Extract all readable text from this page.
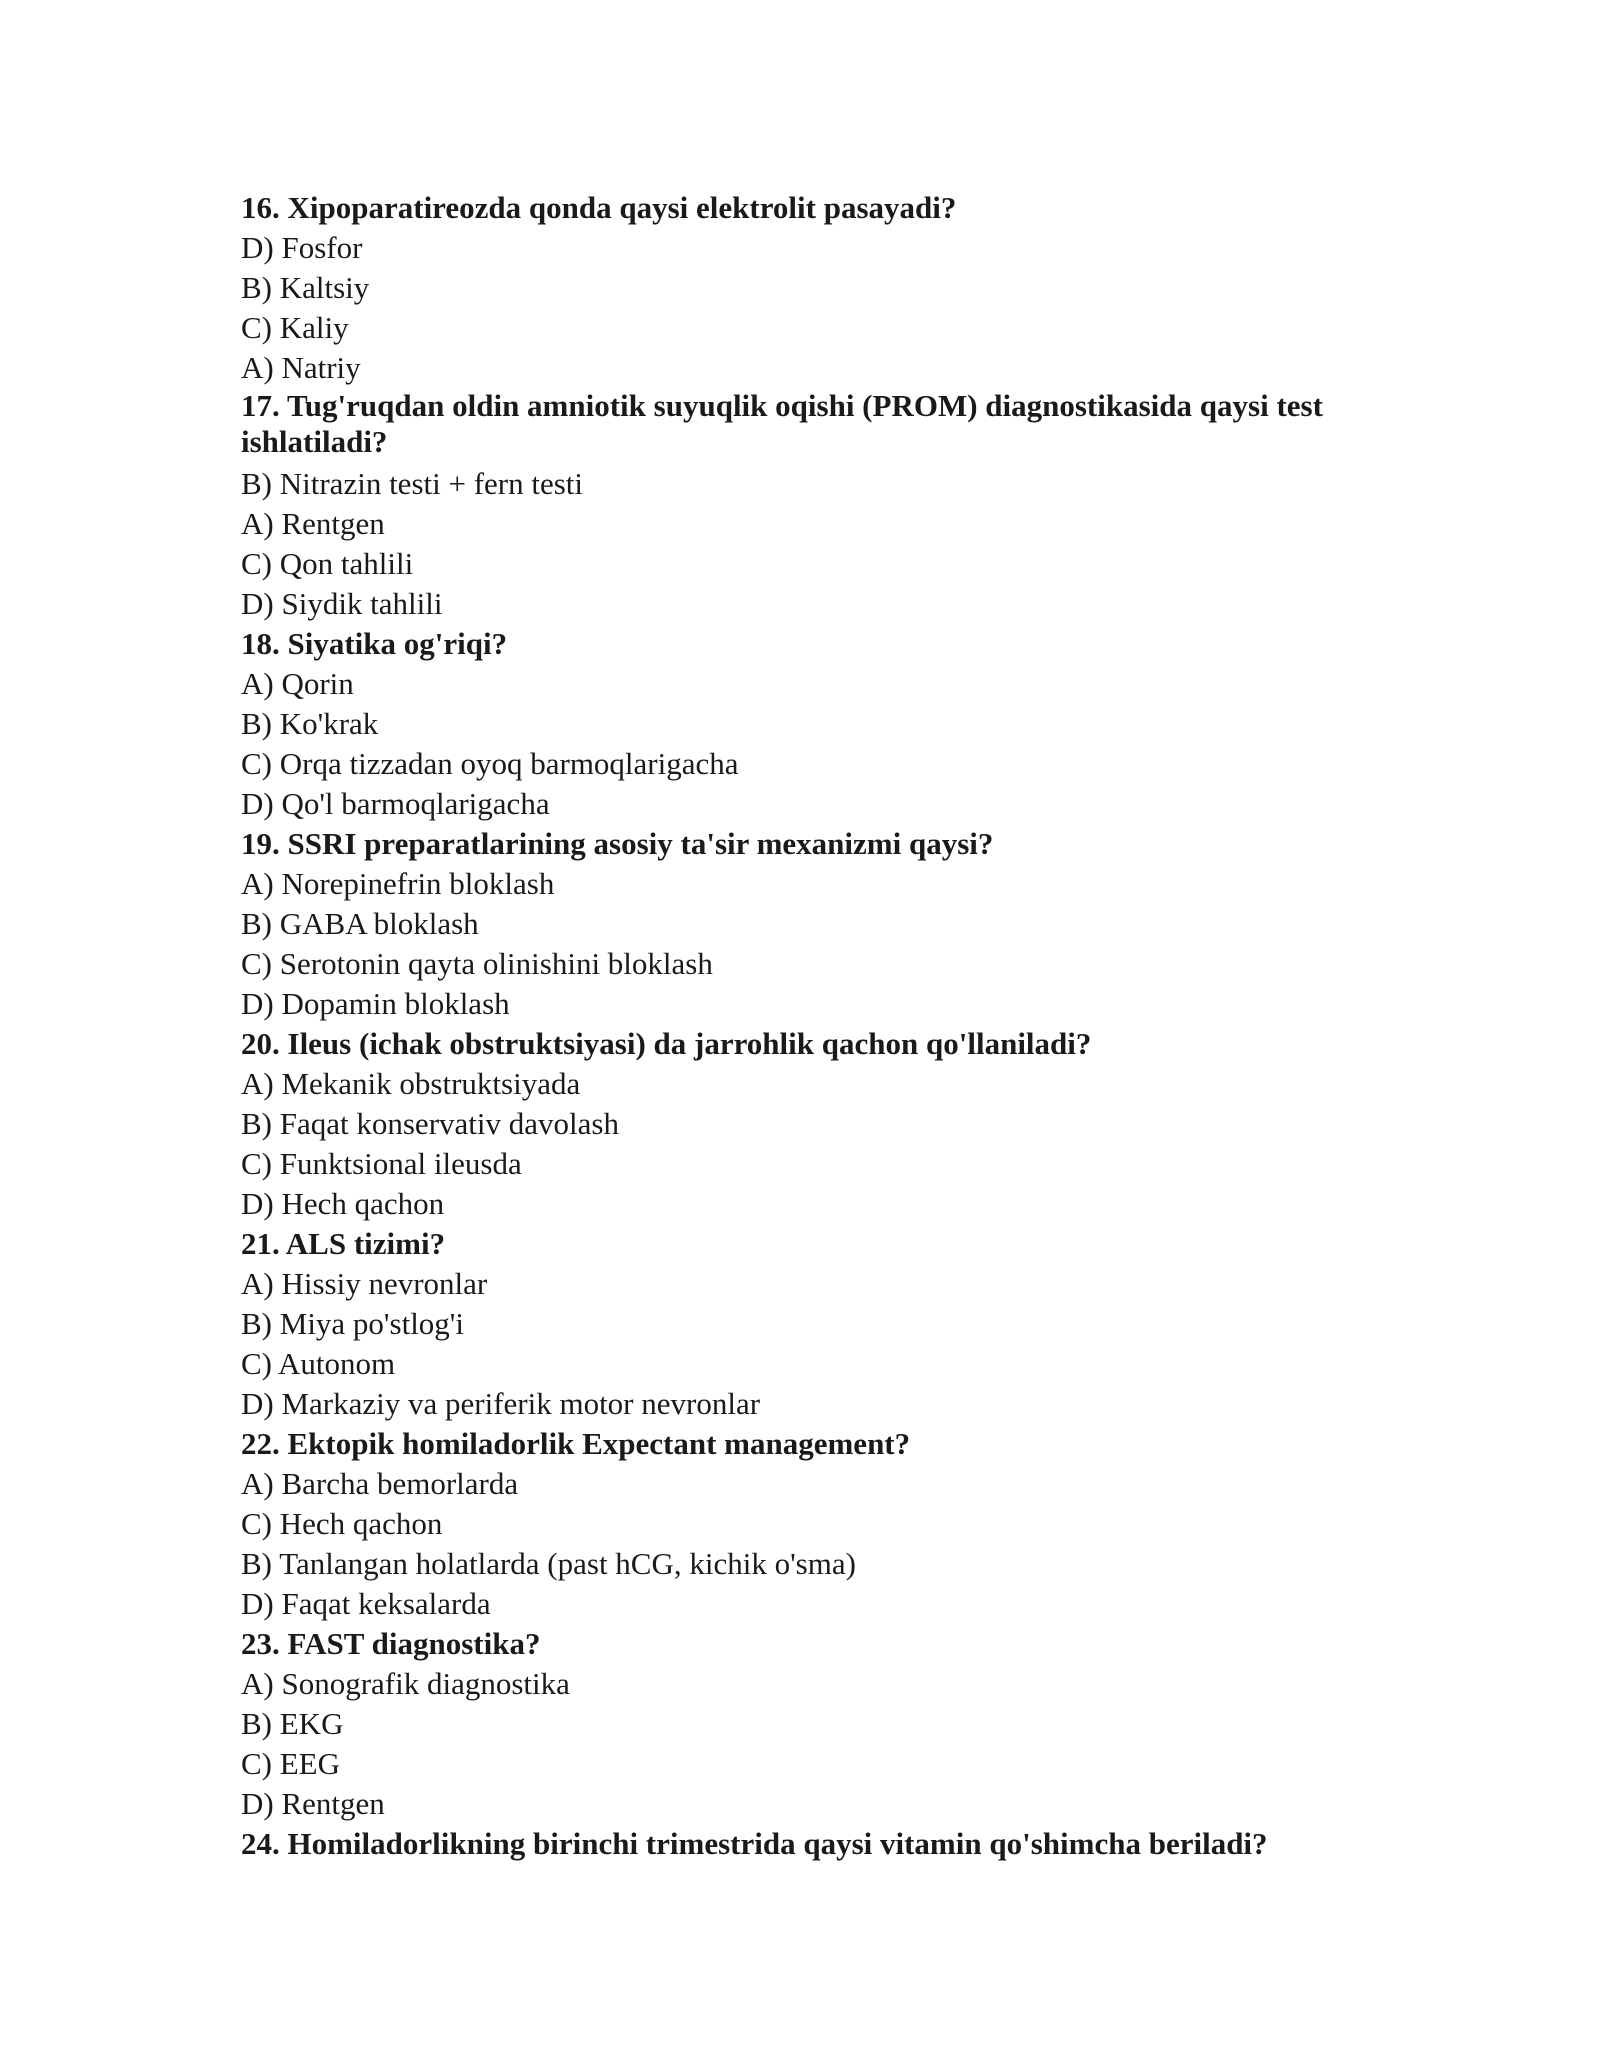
16. Xipoparatireozda qonda qaysi elektrolit pasayadi?
D) Fosfor
B) Kaltsiy
C) Kaliy
A) Natriy
17. Tug'ruqdan oldin amniotik suyuqlik oqishi (PROM) diagnostikasida qaysi test ishlatiladi?
B) Nitrazin testi + fern testi
A) Rentgen
C) Qon tahlili
D) Siydik tahlili
18. Siyatika og'riqi?
A) Qorin
B) Ko'krak
C) Orqa tizzadan oyoq barmoqlarigacha
D) Qo'l barmoqlarigacha
19. SSRI preparatlarining asosiy ta'sir mexanizmi qaysi?
A) Norepinefrin bloklash
B) GABA bloklash
C) Serotonin qayta olinishini bloklash
D) Dopamin bloklash
20. Ileus (ichak obstruktsiyasi) da jarrohlik qachon qo'llaniladi?
A) Mekanik obstruktsiyada
B) Faqat konservativ davolash
C) Funktsional ileusda
D) Hech qachon
21. ALS tizimi?
A) Hissiy nevronlar
B) Miya po'stlog'i
C) Autonom
D) Markaziy va periferik motor nevronlar
22. Ektopik homiladorlik Expectant management?
A) Barcha bemorlarda
C) Hech qachon
B) Tanlangan holatlarda (past hCG, kichik o'sma)
D) Faqat keksalarda
23. FAST diagnostika?
A) Sonografik diagnostika
B) EKG
C) EEG
D) Rentgen
24. Homiladorlikning birinchi trimestrida qaysi vitamin qo'shimcha beriladi?
